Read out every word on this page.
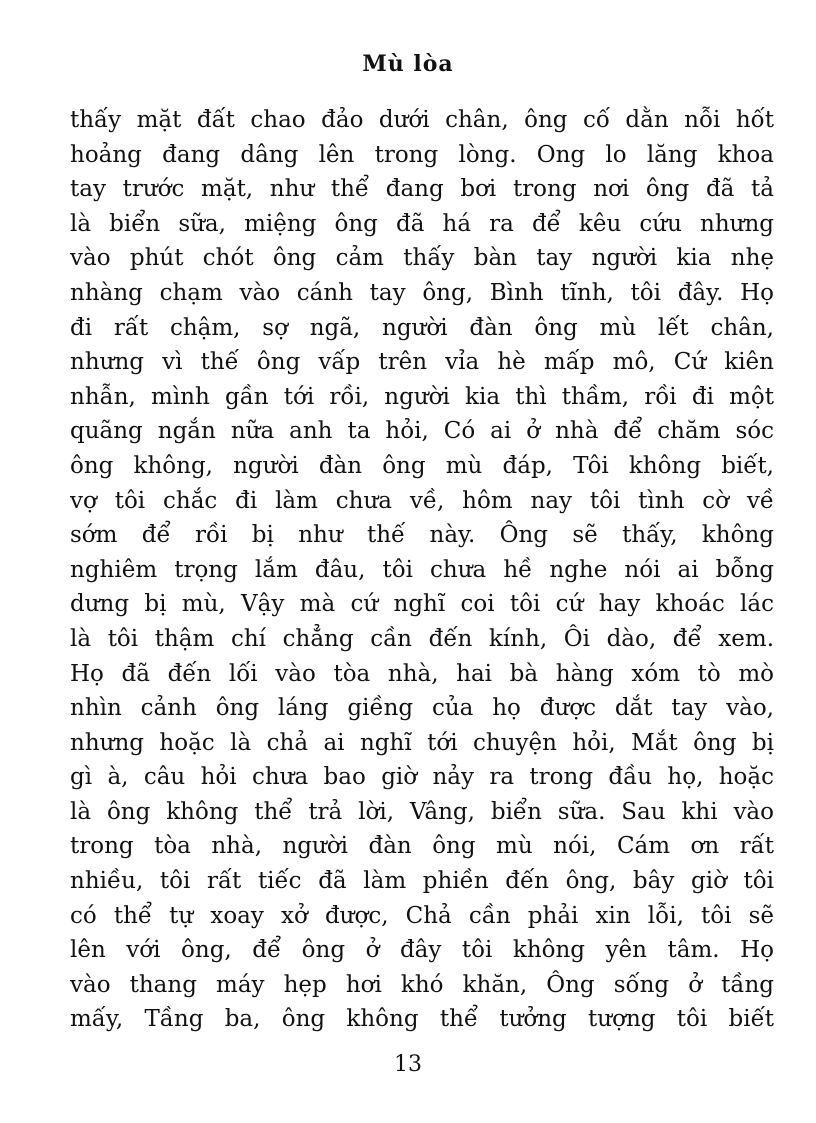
Mù lòa
thấy mặt đất chao đảo dưới chân, ông cố dằn nỗi hốt
hoảng đang dâng lên trong lòng. Ong lo lăng khoa
tay trước mặt, như thể đang bơi trong nơi ông đã tả
là biển sữa, miệng ông đã há ra để kêu cứu nhưng
vào phút chót ông cảm thấy bàn tay người kia nhẹ
nhàng chạm vào cánh tay ông, Bình tĩnh, tôi đây. Họ
đi rất chậm, sợ ngã, người đàn ông mù lết chân,
nhưng vì thế ông vấp trên vỉa hè mấp mô, Cứ kiên
nhẫn, mình gần tới rồi, người kia thì thầm, rồi đi một
quãng ngắn nữa anh ta hỏi, Có ai ở nhà để chăm sóc
ông không, người đàn ông mù đáp, Tôi không biết,
vợ tôi chắc đi làm chưa về, hôm nay tôi tình cờ về
sớm để rồi bị như thế này. Ông sẽ thấy, không
nghiêm trọng lắm đâu, tôi chưa hề nghe nói ai bỗng
dưng bị mù, Vậy mà cứ nghĩ coi tôi cứ hay khoác lác
là tôi thậm chí chẳng cần đến kính, Ôi dào, để xem.
Họ đã đến lối vào tòa nhà, hai bà hàng xóm tò mò
nhìn cảnh ông láng giềng của họ được dắt tay vào,
nhưng hoặc là chả ai nghĩ tới chuyện hỏi, Mắt ông bị
gì à, câu hỏi chưa bao giờ nảy ra trong đầu họ, hoặc
là ông không thể trả lời, Vâng, biển sữa. Sau khi vào
trong tòa nhà, người đàn ông mù nói, Cám ơn rất
nhiều, tôi rất tiếc đã làm phiền đến ông, bây giờ tôi
có thể tự xoay xở được, Chả cần phải xin lỗi, tôi sẽ
lên với ông, để ông ở đây tôi không yên tâm. Họ
vào thang máy hẹp hơi khó khăn, Ông sống ở tầng
mấy, Tầng ba, ông không thể tưởng tượng tôi biết
13
